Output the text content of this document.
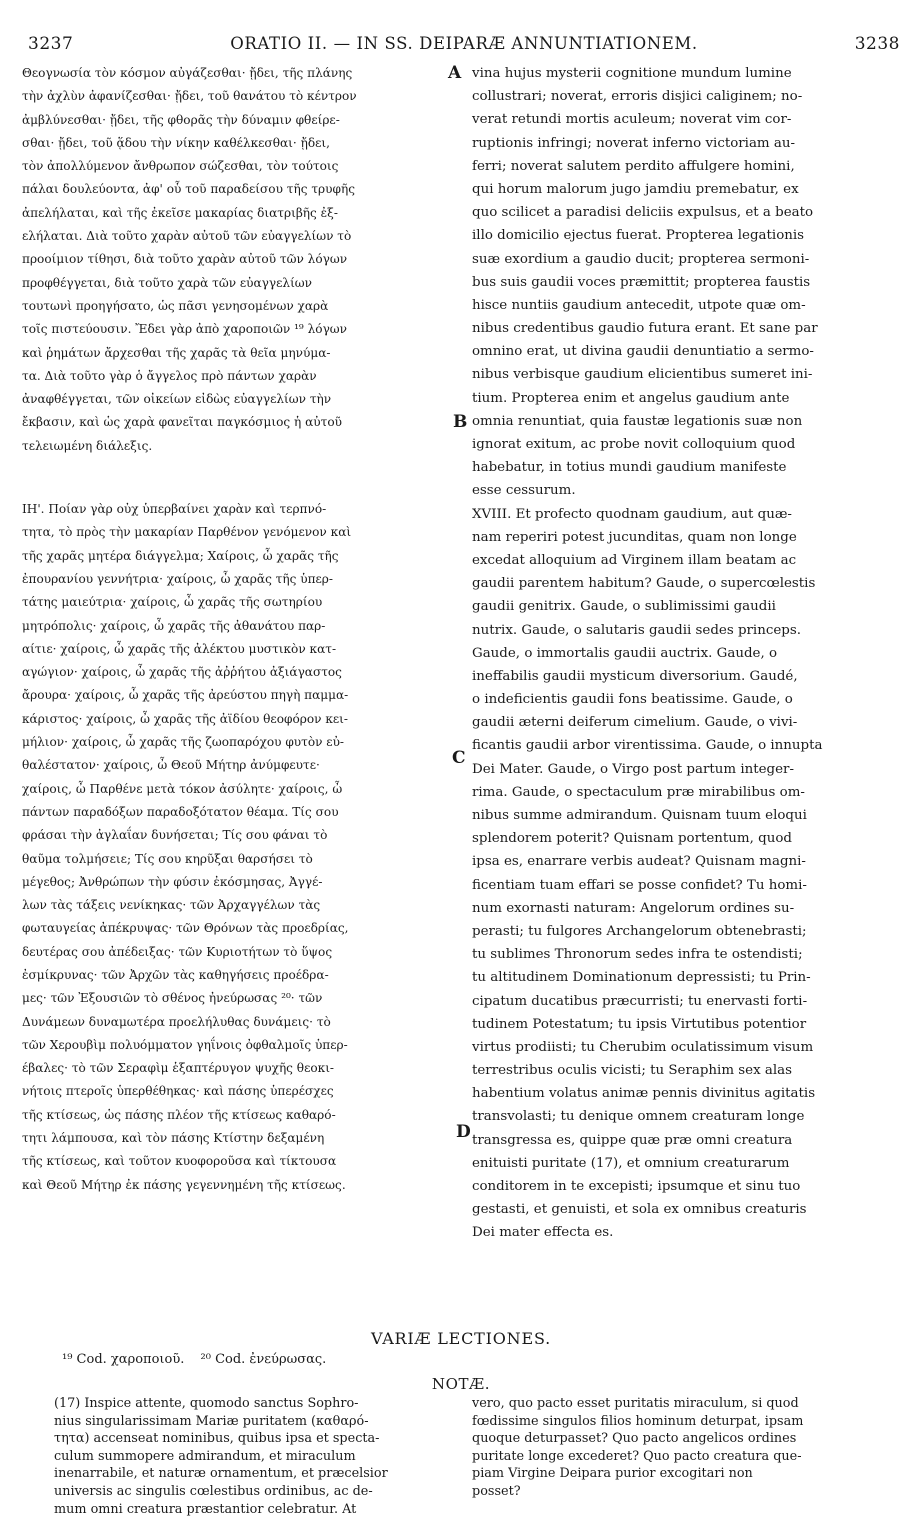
3237	ORATIO II. — IN SS. DEIPARÆ ANNUNTIATIONEM.	3238
A
B
C
D
Θεογνωσία τὸν κόσμον αὐγάζεσθαι· ᾔδει, τῆς πλάνης
τὴν ἀχλὺν ἀφανίζεσθαι· ᾔδει, τοῦ θανάτου τὸ κέντρον
ἀμβλύνεσθαι· ᾔδει, τῆς φθορᾶς τὴν δύναμιν φθείρε-
σθαι· ᾔδει, τοῦ ᾅδου τὴν νίκην καθέλκεσθαι· ᾔδει,
τὸν ἀπολλύμενον ἄνθρωπον σώζεσθαι, τὸν τούτοις
πάλαι δουλεύοντα, ἀφ' οὗ τοῦ παραδείσου τῆς τρυφῆς
ἀπελήλαται, καὶ τῆς ἐκεῖσε μακαρίας διατριβῆς ἐξ-
ελήλαται. Διὰ τοῦτο χαρὰν αὐτοῦ τῶν εὐαγγελίων τὸ
προοίμιον τίθησι, διὰ τοῦτο χαρὰν αὐτοῦ τῶν λόγων
προφθέγγεται, διὰ τοῦτο χαρὰ τῶν εὐαγγελίων
τουτωνὶ προηγήσατο, ὡς πᾶσι γενησομένων χαρὰ
τοῖς πιστεύουσιν. Ἔδει γὰρ ἀπὸ χαροποιῶν ¹⁹ λόγων
καὶ ῥημάτων ἄρχεσθαι τῆς χαρᾶς τὰ θεῖα μηνύμα-
τα. Διὰ τοῦτο γὰρ ὁ ἄγγελος πρὸ πάντων χαρὰν
ἀναφθέγγεται, τῶν οἰκείων εἰδὼς εὐαγγελίων τὴν
ἔκβασιν, καὶ ὡς χαρὰ φανεῖται παγκόσμιος ἡ αὐτοῦ
τελειωμένη διάλεξις.
ΙΗ'. Ποίαν γὰρ οὐχ ὑπερβαίνει χαρὰν καὶ τερπνό-
τητα, τὸ πρὸς τὴν μακαρίαν Παρθένον γενόμενον καὶ
τῆς χαρᾶς μητέρα διάγγελμα; Χαίροις, ὦ χαρᾶς τῆς
ἐπουρανίου γεννήτρια· χαίροις, ὦ χαρᾶς τῆς ὑπερ-
τάτης μαιεύτρια· χαίροις, ὦ χαρᾶς τῆς σωτηρίου
μητρόπολις· χαίροις, ὦ χαρᾶς τῆς ἀθανάτου παρ-
αίτιε· χαίροις, ὦ χαρᾶς τῆς ἀλέκτου μυστικὸν κατ-
αγώγιον· χαίροις, ὦ χαρᾶς τῆς ἀῤῥήτου ἀξιάγαστος
ἄρουρα· χαίροις, ὦ χαρᾶς τῆς ἀρεύστου πηγὴ παμμα-
κάριστος· χαίροις, ὦ χαρᾶς τῆς ἀϊδίου θεοφόρον κει-
μήλιον· χαίροις, ὦ χαρᾶς τῆς ζωοπαρόχου φυτὸν εὐ-
θαλέστατον· χαίροις, ὦ Θεοῦ Μήτηρ ἀνύμφευτε·
χαίροις, ὦ Παρθένε μετὰ τόκον ἀσύλητε· χαίροις, ὦ
πάντων παραδόξων παραδοξότατον θέαμα. Τίς σου
φράσαι τὴν ἀγλαΐαν δυνήσεται; Τίς σου φάναι τὸ
θαῦμα τολμήσειε; Τίς σου κηρῦξαι θαρσήσει τὸ
μέγεθος; Ἀνθρώπων τὴν φύσιν ἐκόσμησας, Ἀγγέ-
λων τὰς τάξεις νενίκηκας· τῶν Ἀρχαγγέλων τὰς
φωταυγείας ἀπέκρυψας· τῶν Θρόνων τὰς προεδρίας,
δευτέρας σου ἀπέδειξας· τῶν Κυριοτήτων τὸ ὕψος
ἐσμίκρυνας· τῶν Ἀρχῶν τὰς καθηγήσεις προέδρα-
μες· τῶν Ἐξουσιῶν τὸ σθένος ἠνεύρωσας ²⁰· τῶν
Δυνάμεων δυναμωτέρα προελήλυθας δυνάμεις· τὸ
τῶν Χερουβὶμ πολυόμματον γηΐνοις ὀφθαλμοῖς ὑπερ-
έβαλες· τὸ τῶν Σεραφὶμ ἑξαπτέρυγον ψυχῆς θεοκι-
νήτοις πτεροῖς ὑπερθέθηκας· καὶ πάσης ὑπερέσχες
τῆς κτίσεως, ὡς πάσης πλέον τῆς κτίσεως καθαρό-
τητι λάμπουσα, καὶ τὸν πάσης Κτίστην δεξαμένη
τῆς κτίσεως, καὶ τοῦτον κυοφοροῦσα καὶ τίκτουσα
καὶ Θεοῦ Μήτηρ ἐκ πάσης γεγεννημένη τῆς κτίσεως.
vina hujus mysterii cognitione mundum lumine
collustrari; noverat, erroris disjici caliginem; no-
verat retundi mortis aculeum; noverat vim cor-
ruptionis infringi; noverat inferno victoriam au-
ferri; noverat salutem perdito affulgere homini,
qui horum malorum jugo jamdiu premebatur, ex
quo scilicet a paradisi deliciis expulsus, et a beato
illo domicilio ejectus fuerat. Propterea legationis
suæ exordium a gaudio ducit; propterea sermoni-
bus suis gaudii voces præmittit; propterea faustis
hisce nuntiis gaudium antecedit, utpote quæ om-
nibus credentibus gaudio futura erant. Et sane par
omnino erat, ut divina gaudii denuntiatio a sermo-
nibus verbisque gaudium elicientibus sumeret ini-
tium. Propterea enim et angelus gaudium ante
omnia renuntiat, quia faustæ legationis suæ non
ignorat exitum, ac probe novit colloquium quod
habebatur, in totius mundi gaudium manifeste
esse cessurum.
XVIII. Et profecto quodnam gaudium, aut quæ-
nam reperiri potest jucunditas, quam non longe
excedat alloquium ad Virginem illam beatam ac
gaudii parentem habitum? Gaude, o supercœlestis
gaudii genitrix. Gaude, o sublimissimi gaudii
nutrix. Gaude, o salutaris gaudii sedes princeps.
Gaude, o immortalis gaudii auctrix. Gaude, o
ineffabilis gaudii mysticum diversorium. Gaudé,
o indeficientis gaudii fons beatissime. Gaude, o
gaudii æterni deiferum cimelium. Gaude, o vivi-
ficantis gaudii arbor virentissima. Gaude, o innupta
Dei Mater. Gaude, o Virgo post partum integer-
rima. Gaude, o spectaculum præ mirabilibus om-
nibus summe admirandum. Quisnam tuum eloqui
splendorem poterit? Quisnam portentum, quod
ipsa es, enarrare verbis audeat? Quisnam magni-
ficentiam tuam effari se posse confidet? Tu homi-
num exornasti naturam: Angelorum ordines su-
perasti; tu fulgores Archangelorum obtenebrasti;
tu sublimes Thronorum sedes infra te ostendisti;
tu altitudinem Dominationum depressisti; tu Prin-
cipatum ducatibus præcurristi; tu enervasti forti-
tudinem Potestatum; tu ipsis Virtutibus potentior
virtus prodiisti; tu Cherubim oculatissimum visum
terrestribus oculis vicisti; tu Seraphim sex alas
habentium volatus animæ pennis divinitus agitatis
transvolasti; tu denique omnem creaturam longe
transgressa es, quippe quæ præ omni creatura
enituisti puritate (17), et omnium creaturarum
conditorem in te excepisti; ipsumque et sinu tuo
gestasti, et genuisti, et sola ex omnibus creaturis
Dei mater effecta es.
VARIÆ LECTIONES.
¹⁹ Cod. χαροποιοῦ. ²⁰ Cod. ἐνεύρωσας.
NOTÆ.
(17) Inspice attente, quomodo sanctus Sophro-
nius singularissimam Mariæ puritatem (καθαρό-
τητα) accenseat nominibus, quibus ipsa et specta-
culum summopere admirandum, et miraculum
inenarrabile, et naturæ ornamentum, et præcelsior
universis ac singulis cœlestibus ordinibus, ac de-
mum omni creatura præstantior celebratur. At
vero, quo pacto esset puritatis miraculum, si quod
fœdissime singulos filios hominum deturpat, ipsam
quoque deturpasset? Quo pacto angelicos ordines
puritate longe excederet? Quo pacto creatura que-
piam Virgine Deipara purior excogitari non
posset?
